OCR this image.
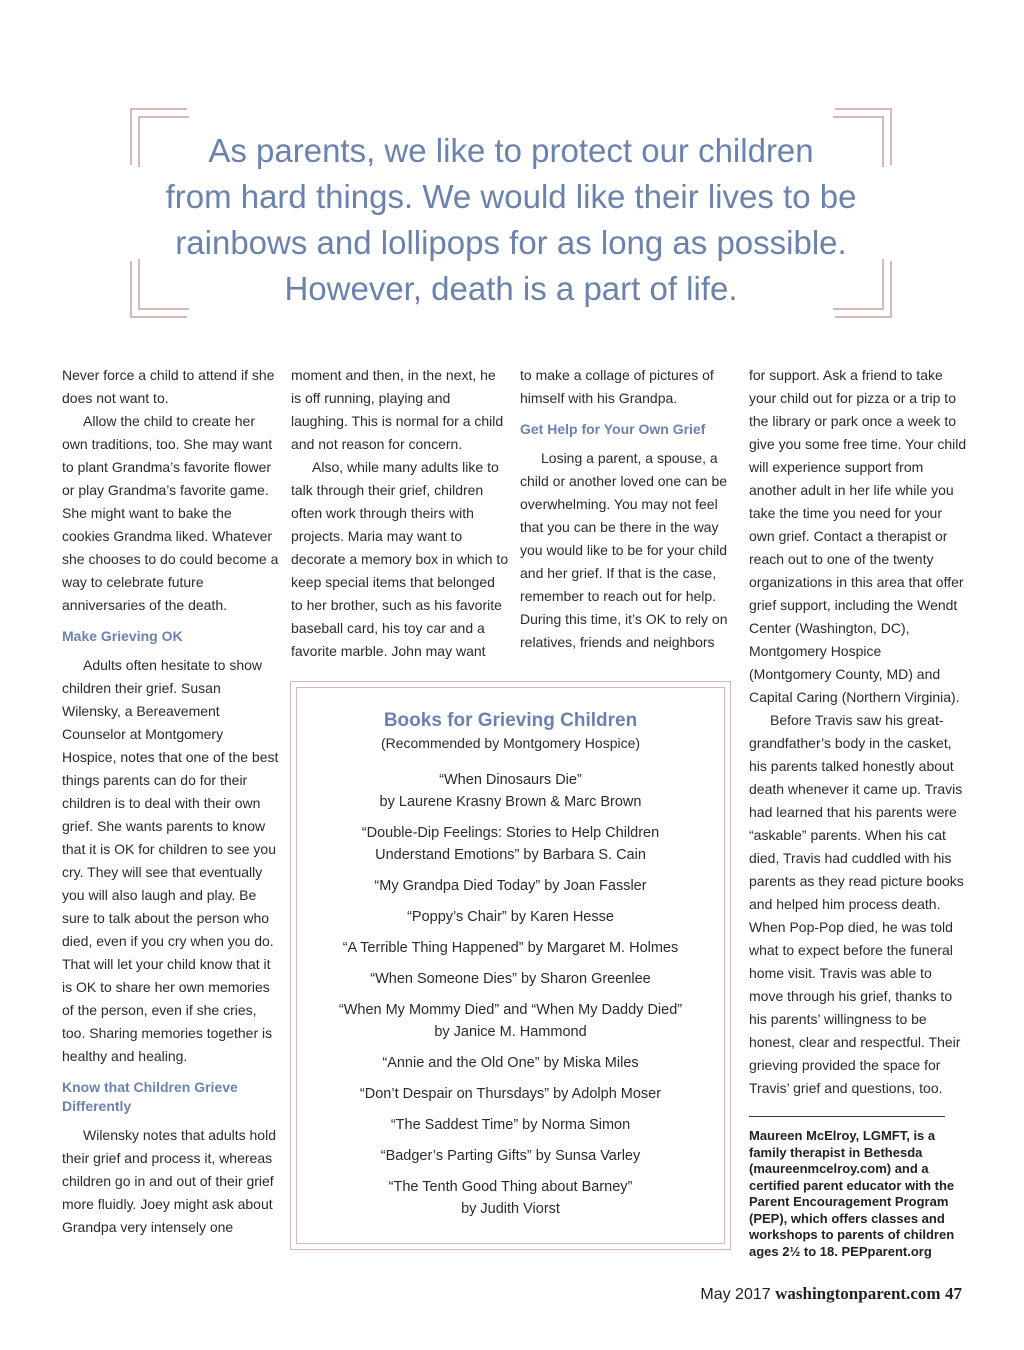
As parents, we like to protect our children
from hard things. We would like their lives to be
rainbows and lollipops for as long as possible.
However, death is a part of life.

Never force a child to attend if she does not want to.

Allow the child to create her own traditions, too. She may want to plant Grandma’s favorite flower or play Grandma’s favorite game. She might want to bake the cookies Grandma liked. Whatever she chooses to do could become a way to celebrate future anniversaries of the death.

Make Grieving OK

Adults often hesitate to show children their grief. Susan Wilensky, a Bereavement Counselor at Montgomery Hospice, notes that one of the best things parents can do for their children is to deal with their own grief. She wants parents to know that it is OK for children to see you cry. They will see that eventually you will also laugh and play. Be sure to talk about the person who died, even if you cry when you do. That will let your child know that it is OK to share her own memories of the person, even if she cries, too. Sharing memories together is healthy and healing.

Know that Children Grieve Differently

Wilensky notes that adults hold their grief and process it, whereas children go in and out of their grief more fluidly. Joey might ask about Grandpa very intensely one

moment and then, in the next, he is off running, playing and laughing. This is normal for a child and not reason for concern.

Also, while many adults like to talk through their grief, children often work through theirs with projects. Maria may want to decorate a memory box in which to keep special items that belonged to her brother, such as his favorite baseball card, his toy car and a favorite marble. John may want

to make a collage of pictures of himself with his Grandpa.

Get Help for Your Own Grief

Losing a parent, a spouse, a child or another loved one can be overwhelming. You may not feel that you can be there in the way you would like to be for your child and her grief. If that is the case, remember to reach out for help. During this time, it’s OK to rely on relatives, friends and neighbors

for support. Ask a friend to take your child out for pizza or a trip to the library or park once a week to give you some free time. Your child will experience support from another adult in her life while you take the time you need for your own grief. Contact a therapist or reach out to one of the twenty organizations in this area that offer grief support, including the Wendt Center (Washington, DC), Montgomery Hospice (Montgomery County, MD) and Capital Caring (Northern Virginia).

Before Travis saw his great-grandfather’s body in the casket, his parents talked honestly about death whenever it came up. Travis had learned that his parents were “askable” parents. When his cat died, Travis had cuddled with his parents as they read picture books and helped him process death. When Pop-Pop died, he was told what to expect before the funeral home visit. Travis was able to move through his grief, thanks to his parents’ willingness to be honest, clear and respectful. Their grieving provided the space for Travis’ grief and questions, too.

Maureen McElroy, LGMFT, is a family therapist in Bethesda (maureenmcelroy.com) and a certified parent educator with the Parent Encouragement Program (PEP), which offers classes and workshops to parents of children ages 2½ to 18. PEPparent.org

Books for Grieving Children

(Recommended by Montgomery Hospice)

“When Dinosaurs Die”
by Laurene Krasny Brown & Marc Brown
“Double-Dip Feelings: Stories to Help Children
Understand Emotions” by Barbara S. Cain
“My Grandpa Died Today” by Joan Fassler
“Poppy’s Chair” by Karen Hesse
“A Terrible Thing Happened” by Margaret M. Holmes
“When Someone Dies” by Sharon Greenlee
“When My Mommy Died” and “When My Daddy Died”
by Janice M. Hammond
“Annie and the Old One” by Miska Miles
“Don’t Despair on Thursdays” by Adolph Moser
“The Saddest Time” by Norma Simon
“Badger’s Parting Gifts” by Sunsa Varley
“The Tenth Good Thing about Barney”
by Judith Viorst
May 2017 washingtonparent.com 47
